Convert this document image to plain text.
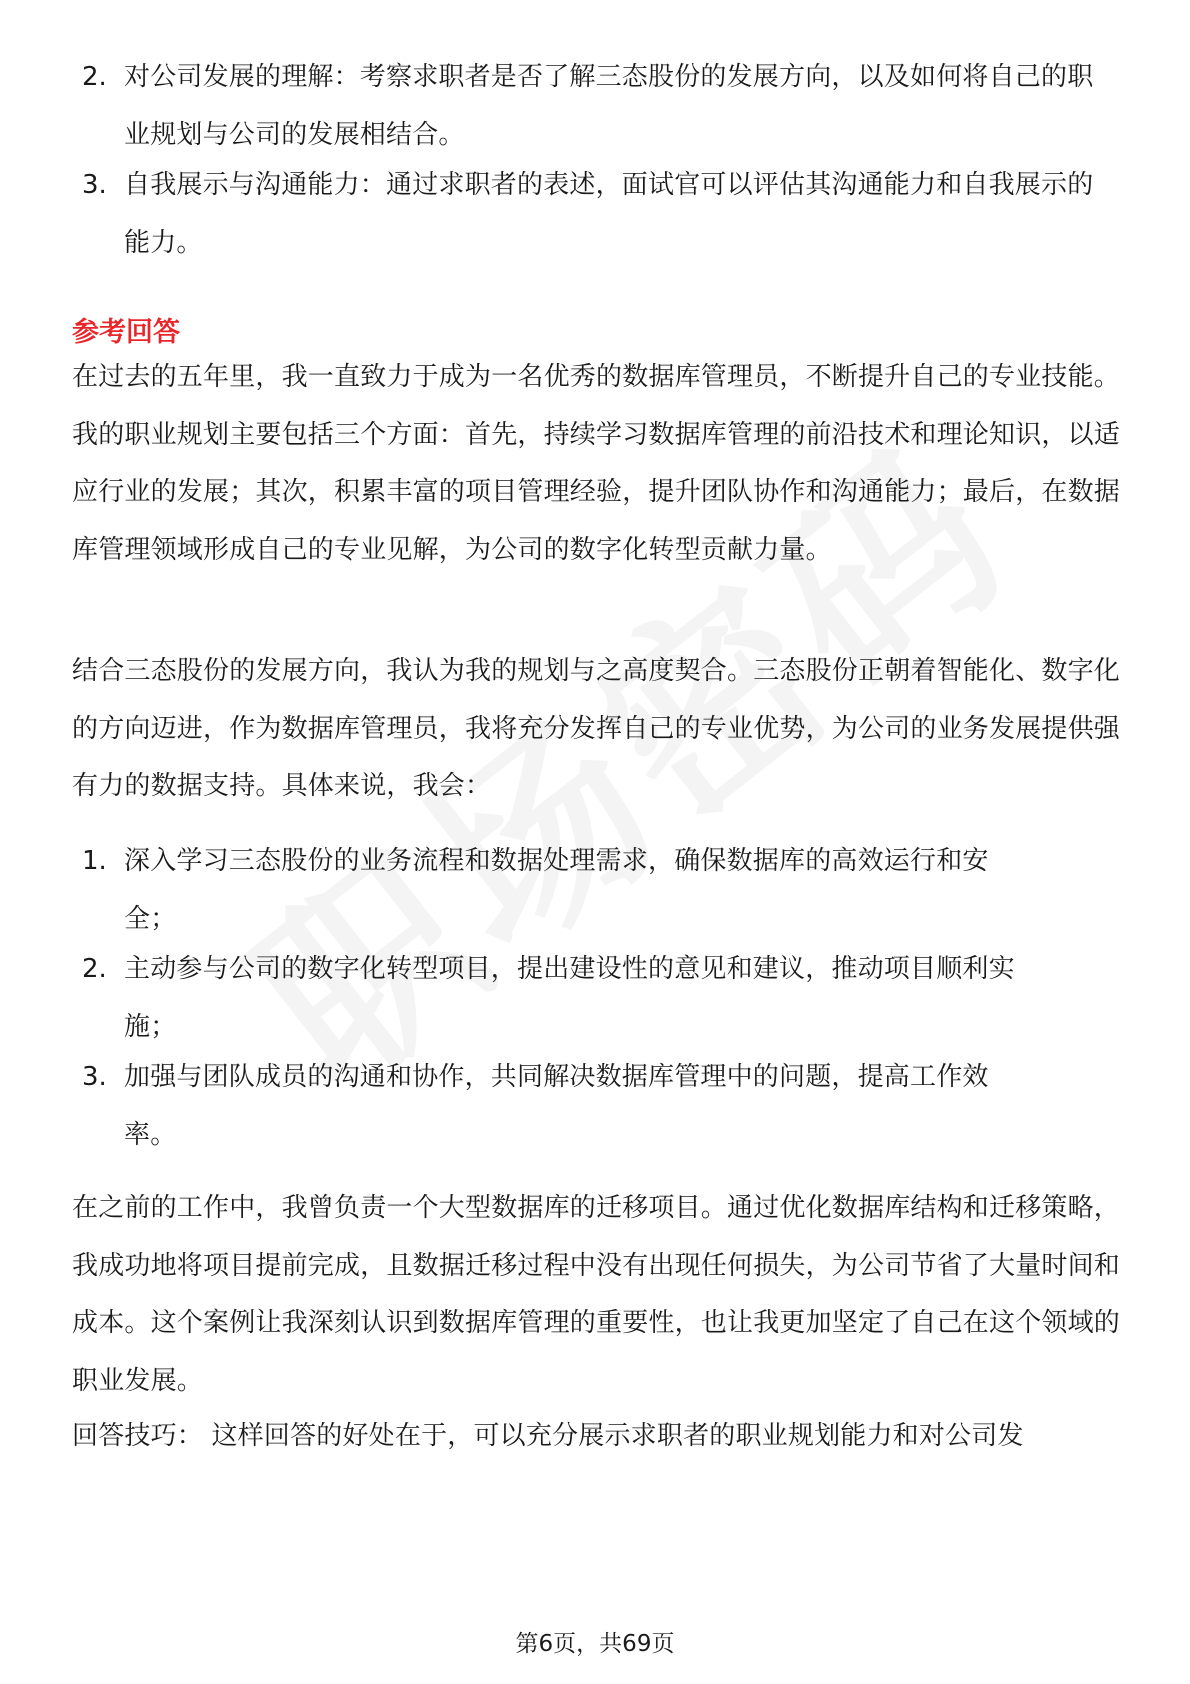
2. 对公司发展的理解：考察求职者是否了解三态股份的发展方向，以及如何将自己的职业规划与公司的发展相结合。
3. 自我展示与沟通能力：通过求职者的表述，面试官可以评估其沟通能力和自我展示的能力。
参考回答
在过去的五年里，我一直致力于成为一名优秀的数据库管理员，不断提升自己的专业技能。我的职业规划主要包括三个方面：首先，持续学习数据库管理的前沿技术和理论知识，以适应行业的发展；其次，积累丰富的项目管理经验，提升团队协作和沟通能力；最后，在数据库管理领域形成自己的专业见解，为公司的数字化转型贡献力量。
结合三态股份的发展方向，我认为我的规划与之高度契合。三态股份正朝着智能化、数字化的方向迈进，作为数据库管理员，我将充分发挥自己的专业优势，为公司的业务发展提供强有力的数据支持。具体来说，我会：
1. 深入学习三态股份的业务流程和数据处理需求，确保数据库的高效运行和安全；
2. 主动参与公司的数字化转型项目，提出建设性的意见和建议，推动项目顺利实施；
3. 加强与团队成员的沟通和协作，共同解决数据库管理中的问题，提高工作效率。
在之前的工作中，我曾负责一个大型数据库的迁移项目。通过优化数据库结构和迁移策略，我成功地将项目提前完成，且数据迁移过程中没有出现任何损失，为公司节省了大量时间和成本。这个案例让我深刻认识到数据库管理的重要性，也让我更加坚定了自己在这个领域的职业发展。
回答技巧： 这样回答的好处在于，可以充分展示求职者的职业规划能力和对公司发
第6页，共69页
